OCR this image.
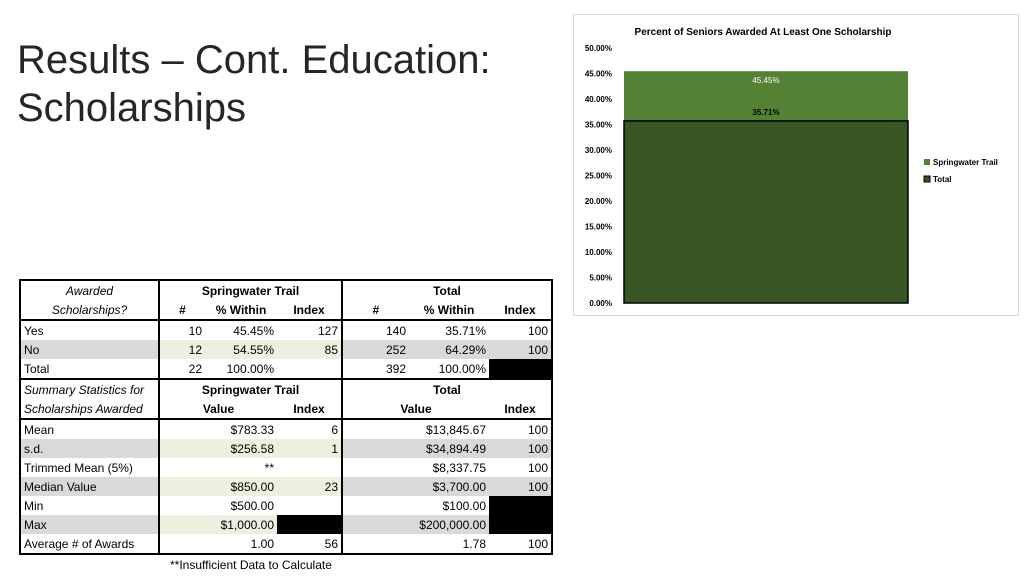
Results – Cont. Education:
Scholarships
Percent of Seniors Awarded At Least One Scholarship
0.00%
5.00%
10.00%
15.00%
20.00%
25.00%
30.00%
35.00%
40.00%
45.00%
50.00%
45.45%
35.71%
Springwater Trail
Total
Awarded	Springwater Trail			Total		
Scholarships?	#	% Within	Index	#	% Within	Index
Yes	10	45.45%	127	140	35.71%	100
No	12	54.55%	85	252	64.29%	100
Total	22	100.00%		392	100.00%	
Summary Statistics for	Springwater Trail			Total		
Scholarships Awarded	Value		Index	Value		Index
Mean	$783.33		6	$13,845.67		100
s.d.	$256.58		1	$34,894.49		100
Trimmed Mean (5%)	**			$8,337.75		100
Median Value	$850.00		23	$3,700.00		100
Min	$500.00			$100.00		
Max	$1,000.00			$200,000.00		
Average # of Awards	1.00		56	1.78		100
**Insufficient Data to Calculate
